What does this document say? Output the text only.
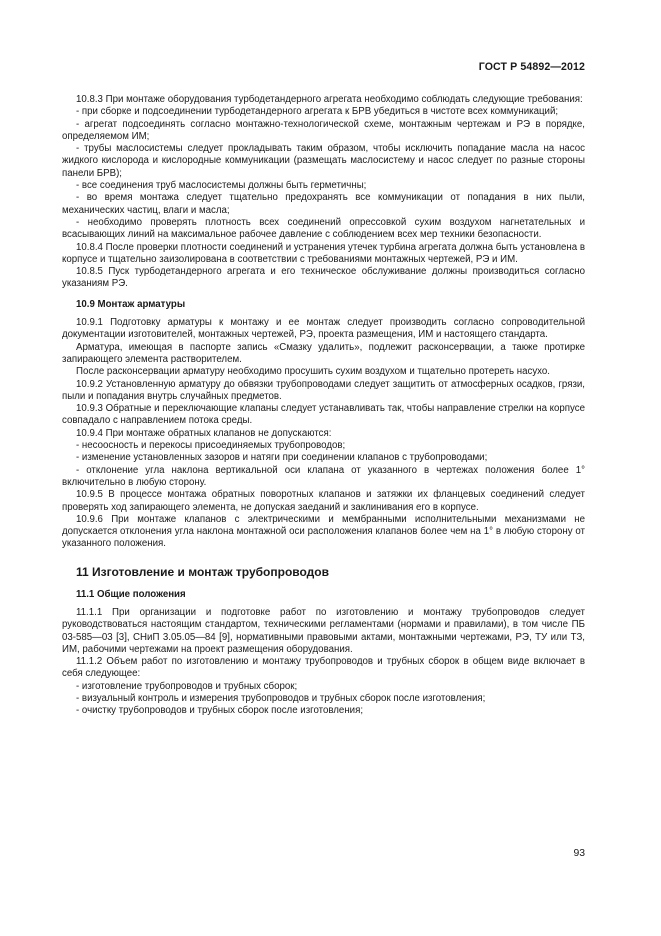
ГОСТ Р 54892—2012

10.8.3 При монтаже оборудования турбодетандерного агрегата необходимо соблюдать следующие требования:

- при сборке и подсоединении турбодетандерного агрегата к БРВ убедиться в чистоте всех коммуникаций;

- агрегат подсоединять согласно монтажно-технологической схеме, монтажным чертежам и РЭ в порядке, определяемом ИМ;

- трубы маслосистемы следует прокладывать таким образом, чтобы исключить попадание масла на насос жидкого кислорода и кислородные коммуникации (размещать маслосистему и насос следует по разные стороны панели БРВ);

- все соединения труб маслосистемы должны быть герметичны;

- во время монтажа следует тщательно предохранять все коммуникации от попадания в них пыли, механических частиц, влаги и масла;

- необходимо проверять плотность всех соединений опрессовкой сухим воздухом нагнетательных и всасывающих линий на максимальное рабочее давление с соблюдением всех мер техники безопасности.

10.8.4 После проверки плотности соединений и устранения утечек турбина агрегата должна быть установлена в корпусе и тщательно заизолирована в соответствии с требованиями монтажных чертежей, РЭ и ИМ.

10.8.5 Пуск турбодетандерного агрегата и его техническое обслуживание должны производиться согласно указаниям РЭ.

10.9 Монтаж арматуры

10.9.1 Подготовку арматуры к монтажу и ее монтаж следует производить согласно сопроводительной документации изготовителей, монтажных чертежей, РЭ, проекта размещения, ИМ и настоящего стандарта.

Арматура, имеющая в паспорте запись «Смазку удалить», подлежит расконсервации, а также протирке запирающего элемента растворителем.

После расконсервации арматуру необходимо просушить сухим воздухом и тщательно протереть насухо.

10.9.2 Установленную арматуру до обвязки трубопроводами следует защитить от атмосферных осадков, грязи, пыли и попадания внутрь случайных предметов.

10.9.3 Обратные и переключающие клапаны следует устанавливать так, чтобы направление стрелки на корпусе совпадало с направлением потока среды.

10.9.4 При монтаже обратных клапанов не допускаются:

- несоосность и перекосы присоединяемых трубопроводов;

- изменение установленных зазоров и натяги при соединении клапанов с трубопроводами;

- отклонение угла наклона вертикальной оси клапана от указанного в чертежах положения более 1° включительно в любую сторону.

10.9.5 В процессе монтажа обратных поворотных клапанов и затяжки их фланцевых соединений следует проверять ход запирающего элемента, не допуская заеданий и заклинивания его в корпусе.

10.9.6 При монтаже клапанов с электрическими и мембранными исполнительными механизмами не допускается отклонения угла наклона монтажной оси расположения клапанов более чем на 1° в любую сторону от указанного положения.

11 Изготовление и монтаж трубопроводов

11.1 Общие положения

11.1.1 При организации и подготовке работ по изготовлению и монтажу трубопроводов следует руководствоваться настоящим стандартом, техническими регламентами (нормами и правилами), в том числе ПБ 03-585—03 [3], СНиП 3.05.05—84 [9], нормативными правовыми актами, монтажными чертежами, РЭ, ТУ или ТЗ, ИМ, рабочими чертежами на проект размещения оборудования.

11.1.2 Объем работ по изготовлению и монтажу трубопроводов и трубных сборок в общем виде включает в себя следующее:

- изготовление трубопроводов и трубных сборок;

- визуальный контроль и измерения трубопроводов и трубных сборок после изготовления;

- очистку трубопроводов и трубных сборок после изготовления;

93
